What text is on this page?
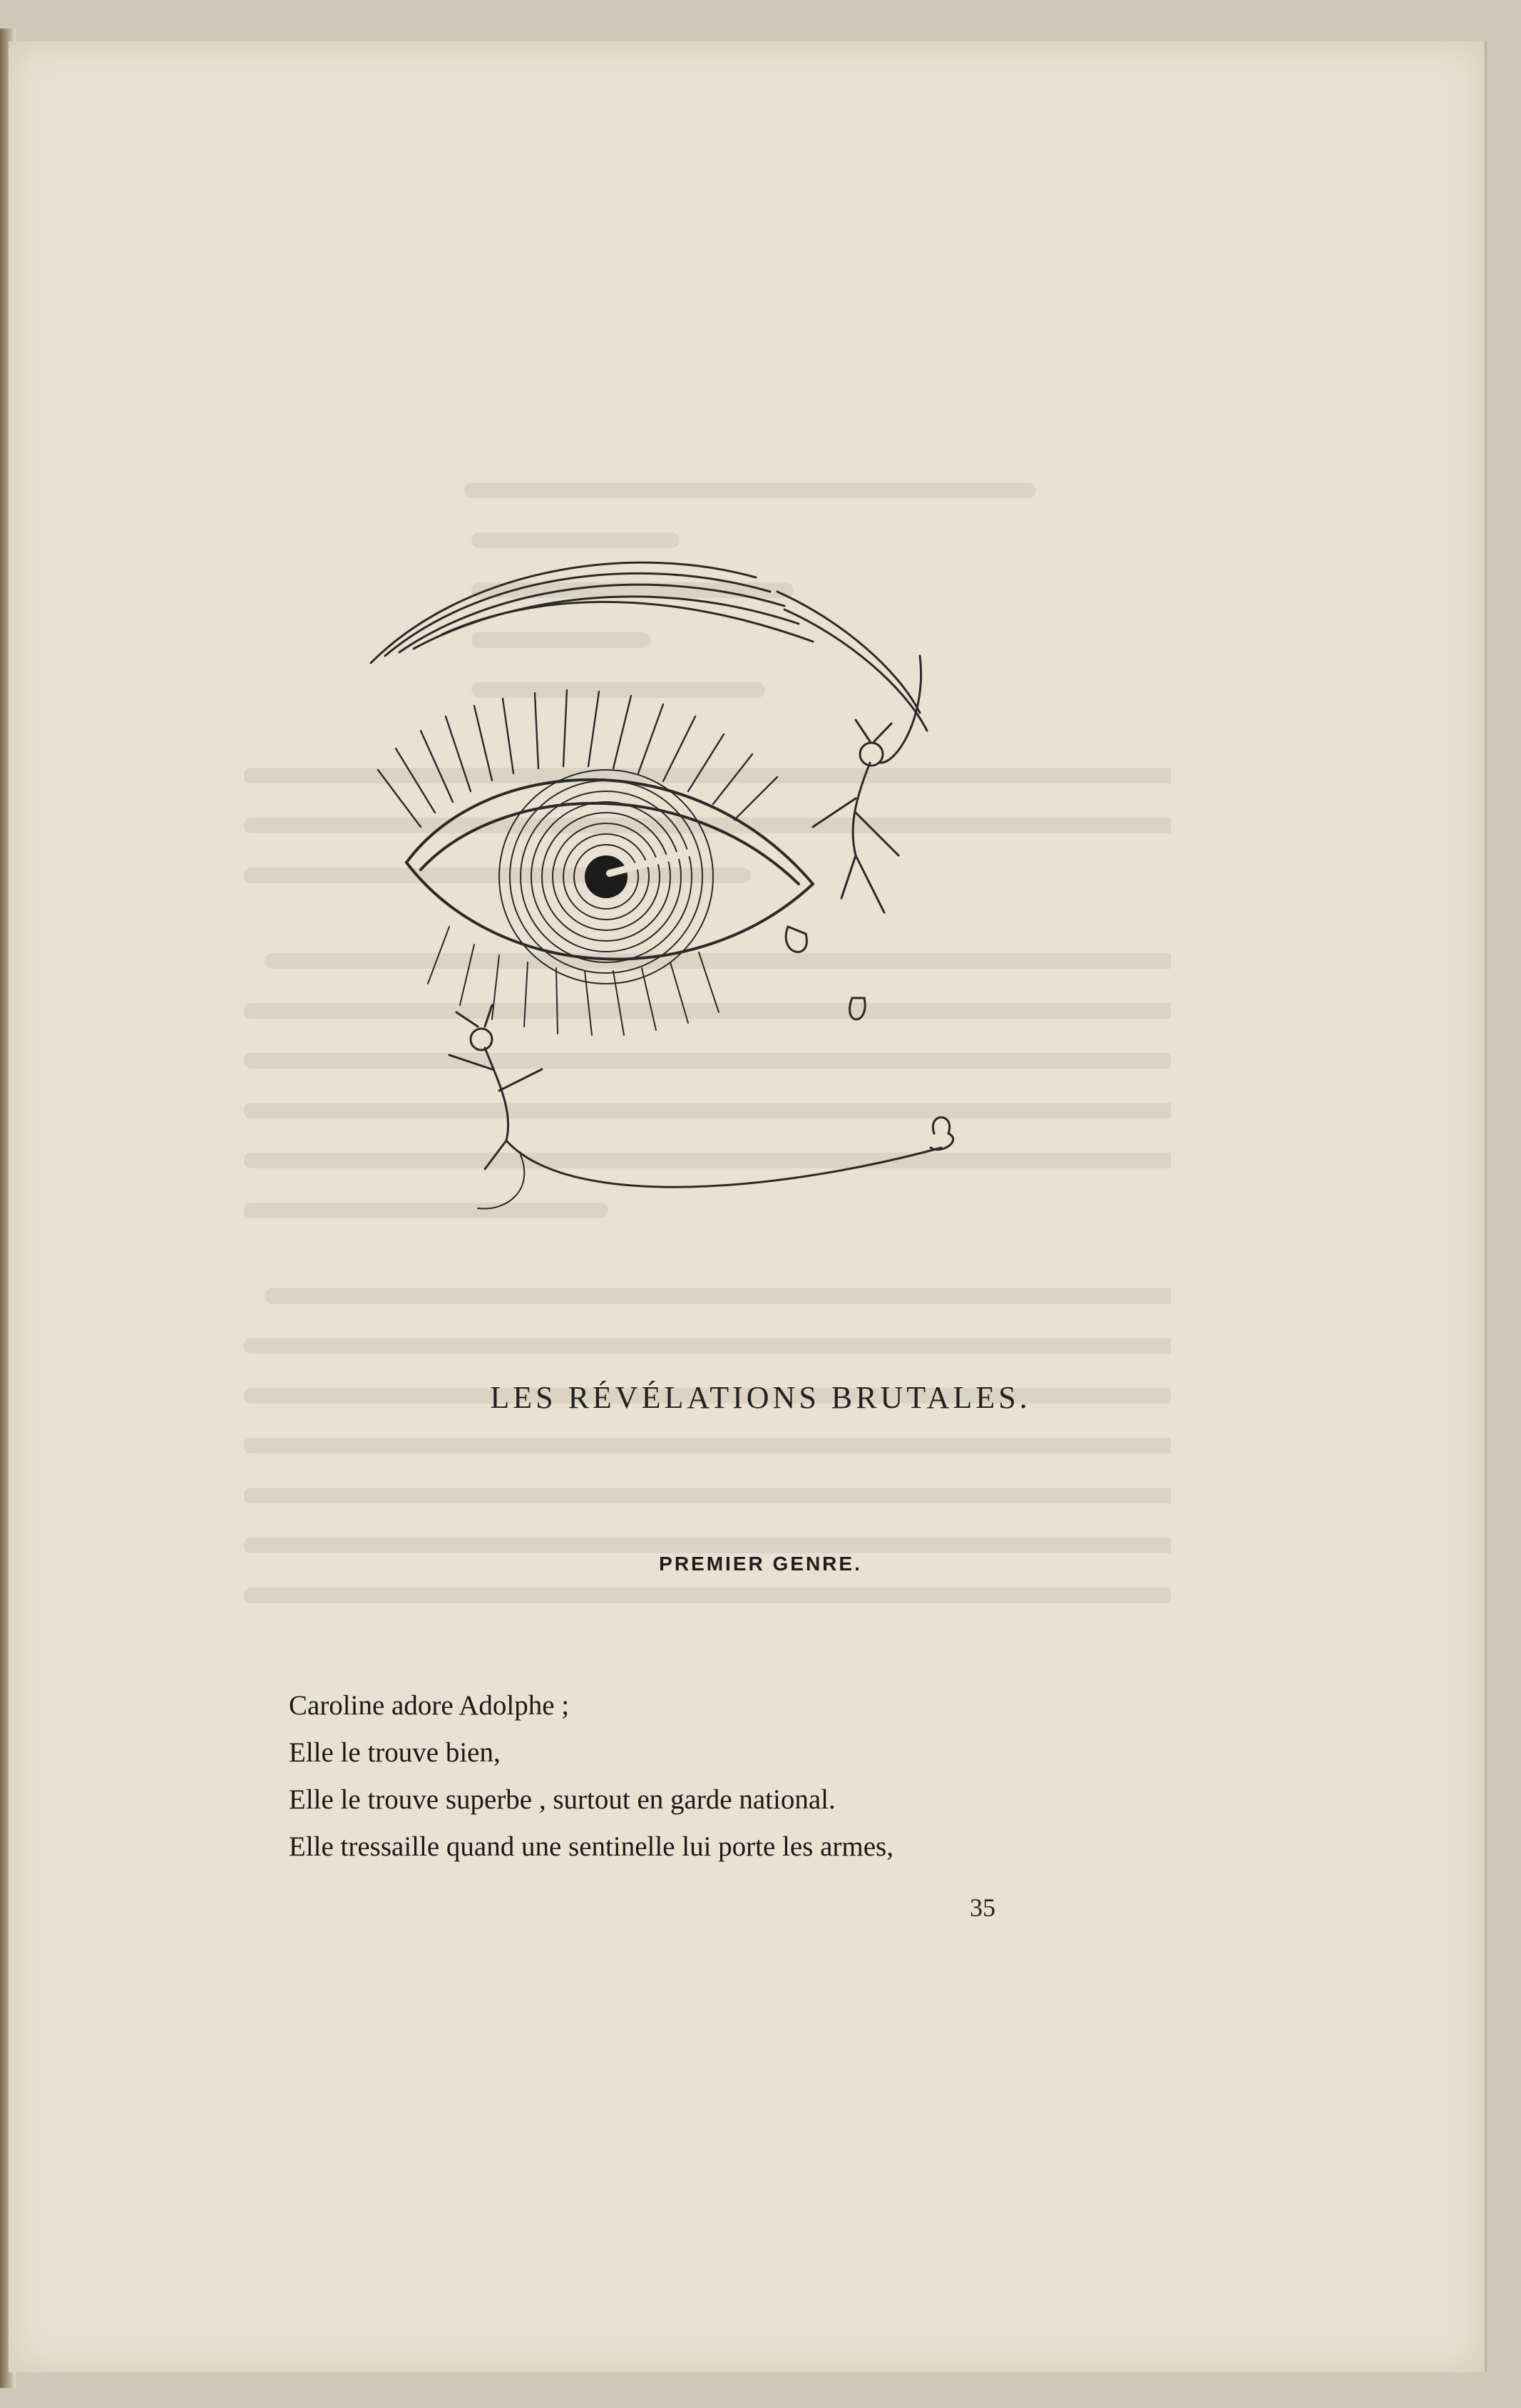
LES RÉVÉLATIONS BRUTALES.
PREMIER GENRE.
Caroline adore Adolphe ;
Elle le trouve bien,
Elle le trouve superbe , surtout en garde national.
Elle tressaille quand une sentinelle lui porte les armes,
35
